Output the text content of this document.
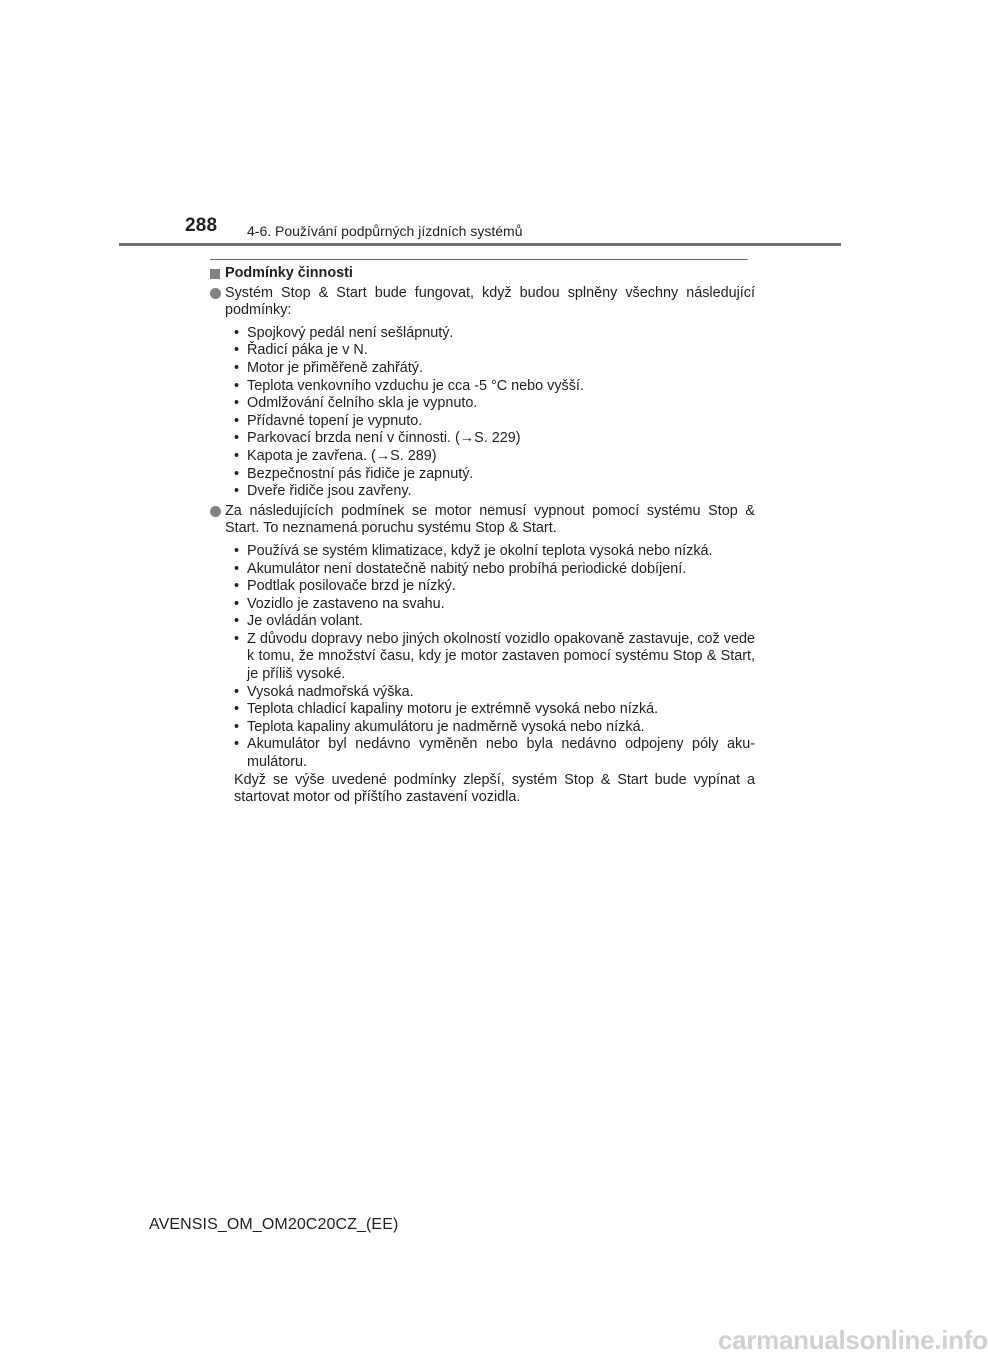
288 4-6. Používání podpůrných jízdních systémů
Podmínky činnosti
Systém Stop & Start bude fungovat, když budou splněny všechny následující podmínky:
• Spojkový pedál není sešlápnutý.
• Řadicí páka je v N.
• Motor je přiměřeně zahřátý.
• Teplota venkovního vzduchu je cca -5 °C nebo vyšší.
• Odmlžování čelního skla je vypnuto.
• Přídavné topení je vypnuto.
• Parkovací brzda není v činnosti. (→S. 229)
• Kapota je zavřena. (→S. 289)
• Bezpečnostní pás řidiče je zapnutý.
• Dveře řidiče jsou zavřeny.
Za následujících podmínek se motor nemusí vypnout pomocí systému Stop & Start. To neznamená poruchu systému Stop & Start.
• Používá se systém klimatizace, když je okolní teplota vysoká nebo nízká.
• Akumulátor není dostatečně nabitý nebo probíhá periodické dobíjení.
• Podtlak posilovače brzd je nízký.
• Vozidlo je zastaveno na svahu.
• Je ovládán volant.
• Z důvodu dopravy nebo jiných okolností vozidlo opakovaně zastavuje, což vede k tomu, že množství času, kdy je motor zastaven pomocí systému Stop & Start, je příliš vysoké.
• Vysoká nadmořská výška.
• Teplota chladicí kapaliny motoru je extrémně vysoká nebo nízká.
• Teplota kapaliny akumulátoru je nadměrně vysoká nebo nízká.
• Akumulátor byl nedávno vyměněn nebo byla nedávno odpojeny póly akumulátoru.

Když se výše uvedené podmínky zlepší, systém Stop & Start bude vypínat a startovat motor od příštího zastavení vozidla.

AVENSIS_OM_OM20C20CZ_(EE)
carmanualsonline.info
